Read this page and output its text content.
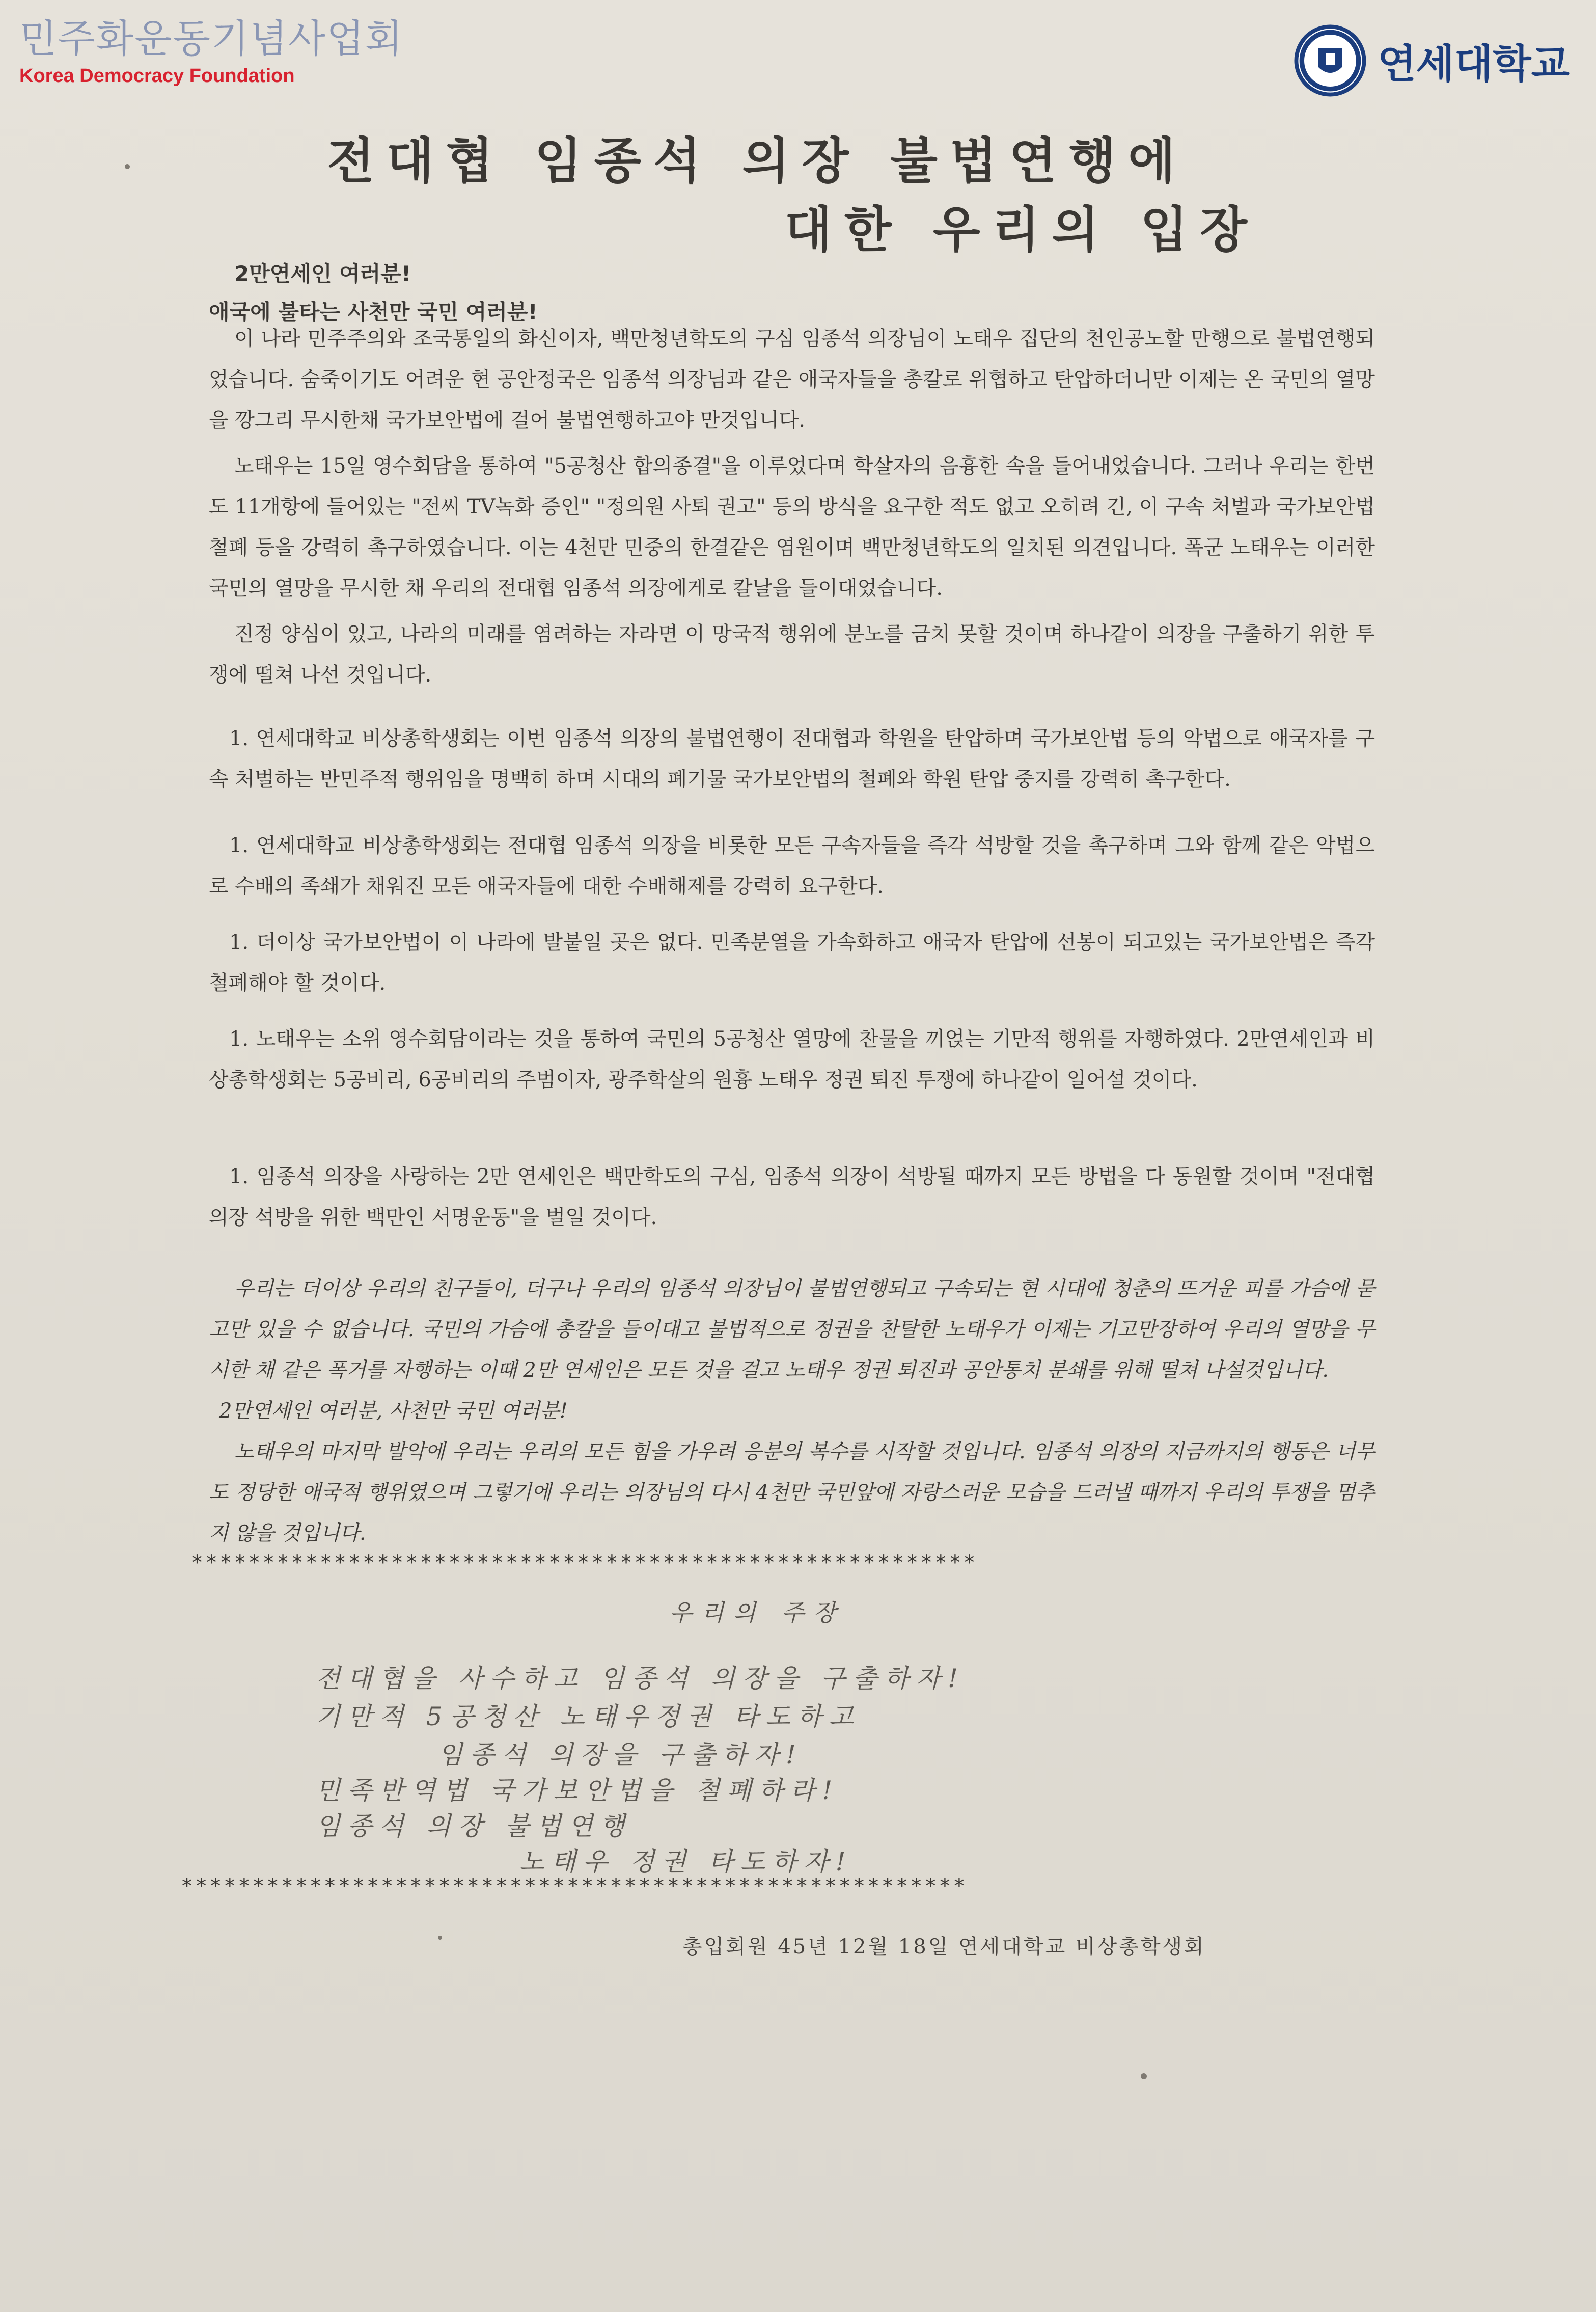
민주화운동기념사업회
Korea Democracy Foundation	연세대학교
전대협 임종석 의장 불법연행에
대한 우리의 입장
2만연세인 여러분!
애국에 불타는 사천만 국민 여러분!

이 나라 민주주의와 조국통일의 화신이자, 백만청년학도의 구심 임종석 의장님이 노태우 집단의 천인공노할 만행으로 불법연행되었습니다. 숨죽이기도 어려운 현 공안정국은 임종석 의장님과 같은 애국자들을 총칼로 위협하고 탄압하더니만 이제는 온 국민의 열망을 깡그리 무시한채 국가보안법에 걸어 불법연행하고야 만것입니다.

노태우는 15일 영수회담을 통하여 "5공청산 합의종결"을 이루었다며 학살자의 음흉한 속을 들어내었습니다. 그러나 우리는 한번도 11개항에 들어있는 "전씨 TV녹화 증인" "정의원 사퇴 권고" 등의 방식을 요구한 적도 없고 오히려 긴, 이 구속 처벌과 국가보안법 철폐 등을 강력히 촉구하였습니다. 이는 4천만 민중의 한결같은 염원이며 백만청년학도의 일치된 의견입니다. 폭군 노태우는 이러한 국민의 열망을 무시한 채 우리의 전대협 임종석 의장에게로 칼날을 들이대었습니다.

진정 양심이 있고, 나라의 미래를 염려하는 자라면 이 망국적 행위에 분노를 금치 못할 것이며 하나같이 의장을 구출하기 위한 투쟁에 떨쳐 나선 것입니다.

1. 연세대학교 비상총학생회는 이번 임종석 의장의 불법연행이 전대협과 학원을 탄압하며 국가보안법 등의 악법으로 애국자를 구속 처벌하는 반민주적 행위임을 명백히 하며 시대의 폐기물 국가보안법의 철폐와 학원 탄압 중지를 강력히 촉구한다.

1. 연세대학교 비상총학생회는 전대협 임종석 의장을 비롯한 모든 구속자들을 즉각 석방할 것을 촉구하며 그와 함께 같은 악법으로 수배의 족쇄가 채워진 모든 애국자들에 대한 수배해제를 강력히 요구한다.

1. 더이상 국가보안법이 이 나라에 발붙일 곳은 없다. 민족분열을 가속화하고 애국자 탄압에 선봉이 되고있는 국가보안법은 즉각 철폐해야 할 것이다.

1. 노태우는 소위 영수회담이라는 것을 통하여 국민의 5공청산 열망에 찬물을 끼얹는 기만적 행위를 자행하였다. 2만연세인과 비상총학생회는 5공비리, 6공비리의 주범이자, 광주학살의 원흉 노태우 정권 퇴진 투쟁에 하나같이 일어설 것이다.

1. 임종석 의장을 사랑하는 2만 연세인은 백만학도의 구심, 임종석 의장이 석방될 때까지 모든 방법을 다 동원할 것이며 "전대협 의장 석방을 위한 백만인 서명운동"을 벌일 것이다.

우리는 더이상 우리의 친구들이, 더구나 우리의 임종석 의장님이 불법연행되고 구속되는 현 시대에 청춘의 뜨거운 피를 가슴에 묻고만 있을 수 없습니다. 국민의 가슴에 총칼을 들이대고 불법적으로 정권을 찬탈한 노태우가 이제는 기고만장하여 우리의 열망을 무시한 채 같은 폭거를 자행하는 이때 2만 연세인은 모든 것을 걸고 노태우 정권 퇴진과 공안통치 분쇄를 위해 떨쳐 나설것입니다.

2만연세인 여러분, 사천만 국민 여러분!

노태우의 마지막 발악에 우리는 우리의 모든 힘을 가우려 응분의 복수를 시작할 것입니다. 임종석 의장의 지금까지의 행동은 너무도 정당한 애국적 행위였으며 그렇기에 우리는 의장님의 다시 4천만 국민앞에 자랑스러운 모습을 드러낼 때까지 우리의 투쟁을 멈추지 않을 것입니다.

*******************************************************
우리의 주장
전대협을 사수하고 임종석 의장을 구출하자!
기만적 5공청산 노태우정권 타도하고
임종석 의장을 구출하자!
민족반역법 국가보안법을 철폐하라!
임종석 의장 불법연행
노태우 정권 타도하자!
*******************************************************
총입회원 45년 12월 18일 연세대학교 비상총학생회
